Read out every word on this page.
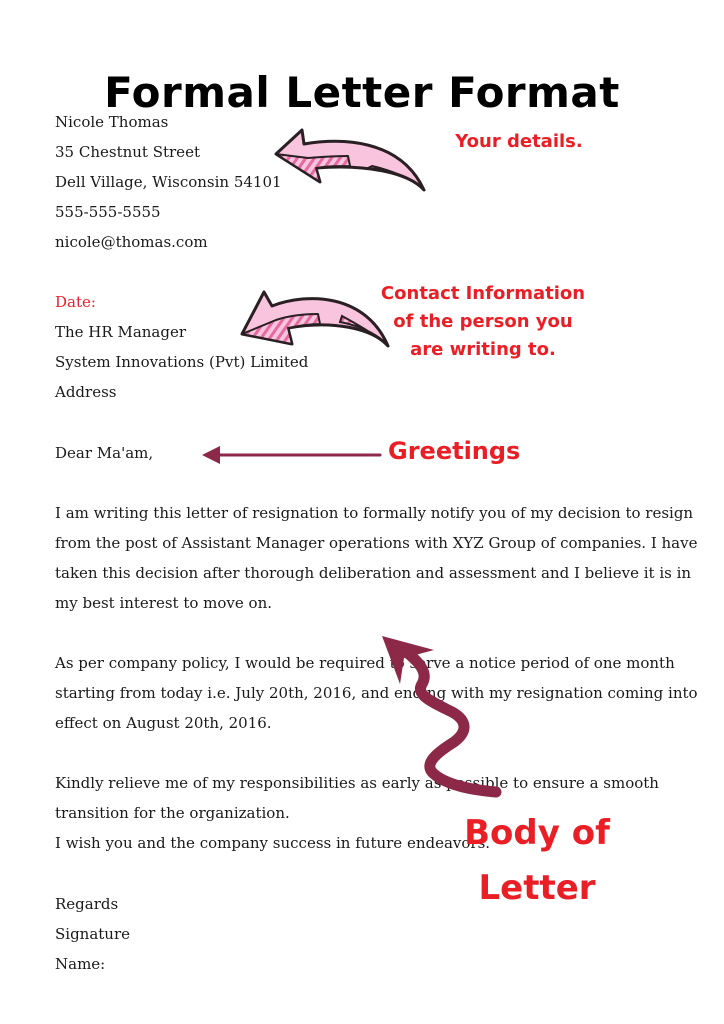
Formal Letter Format
Nicole Thomas
35 Chestnut Street
Dell Village, Wisconsin 54101
555-555-5555
nicole@thomas.com
Date:
The HR Manager
System Innovations (Pvt) Limited
Address
Dear Ma'am,
I am writing this letter of resignation to formally notify you of my decision to resign
from the post of Assistant Manager operations with XYZ Group of companies. I have
taken this decision after thorough deliberation and assessment and I believe it is in
my best interest to move on.
As per company policy, I would be required to serve a notice period of one month
starting from today i.e. July 20th, 2016, and ending with my resignation coming into
effect on August 20th, 2016.
Kindly relieve me of my responsibilities as early as possible to ensure a smooth
transition for the organization.
I wish you and the company success in future endeavors.
Regards
Signature
Name:
Your details.
Contact Information of the person you are writing to.
Greetings
Body of Letter
